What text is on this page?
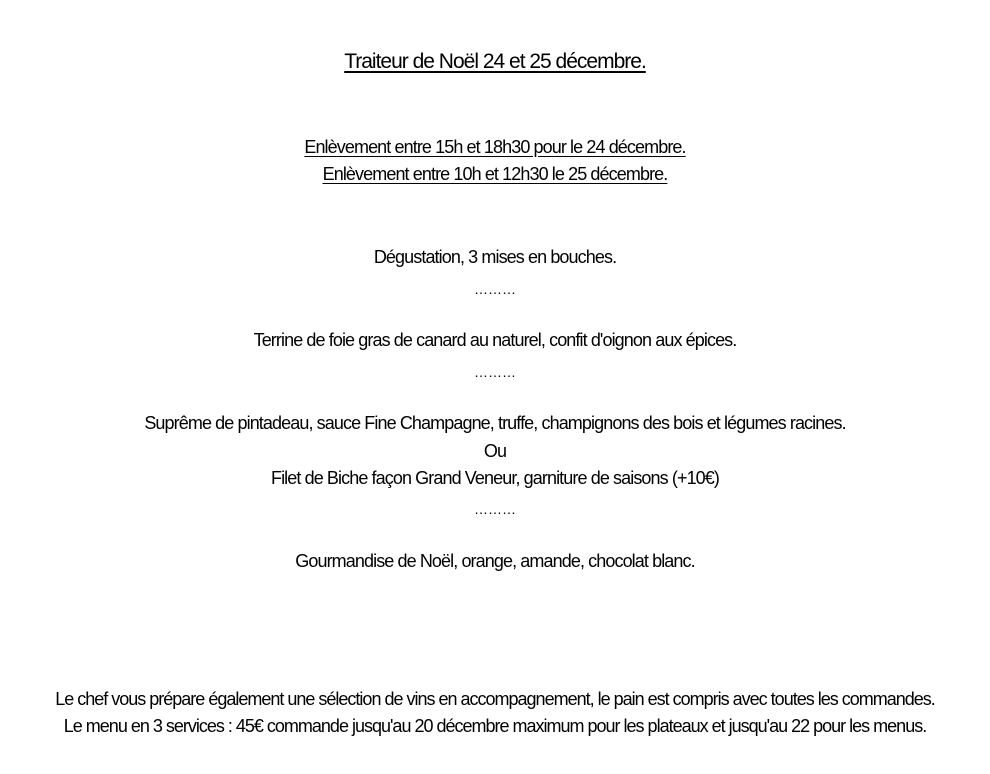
Traiteur de Noël 24 et 25 décembre.
Enlèvement entre 15h et 18h30 pour le 24 décembre.
Enlèvement entre 10h et 12h30 le 25 décembre.
Dégustation, 3 mises en bouches.
………
Terrine de foie gras de canard au naturel, confit d'oignon aux épices.
………
Suprême de pintadeau, sauce Fine Champagne, truffe, champignons des bois et légumes racines.
Ou
Filet de Biche façon Grand Veneur, garniture de saisons (+10€)
………
Gourmandise de Noël, orange, amande, chocolat blanc.
Le chef vous prépare également une sélection de vins en accompagnement, le pain est compris avec toutes les commandes.
Le menu en 3 services : 45€ commande jusqu'au 20 décembre maximum pour les plateaux et jusqu'au 22 pour les menus.
